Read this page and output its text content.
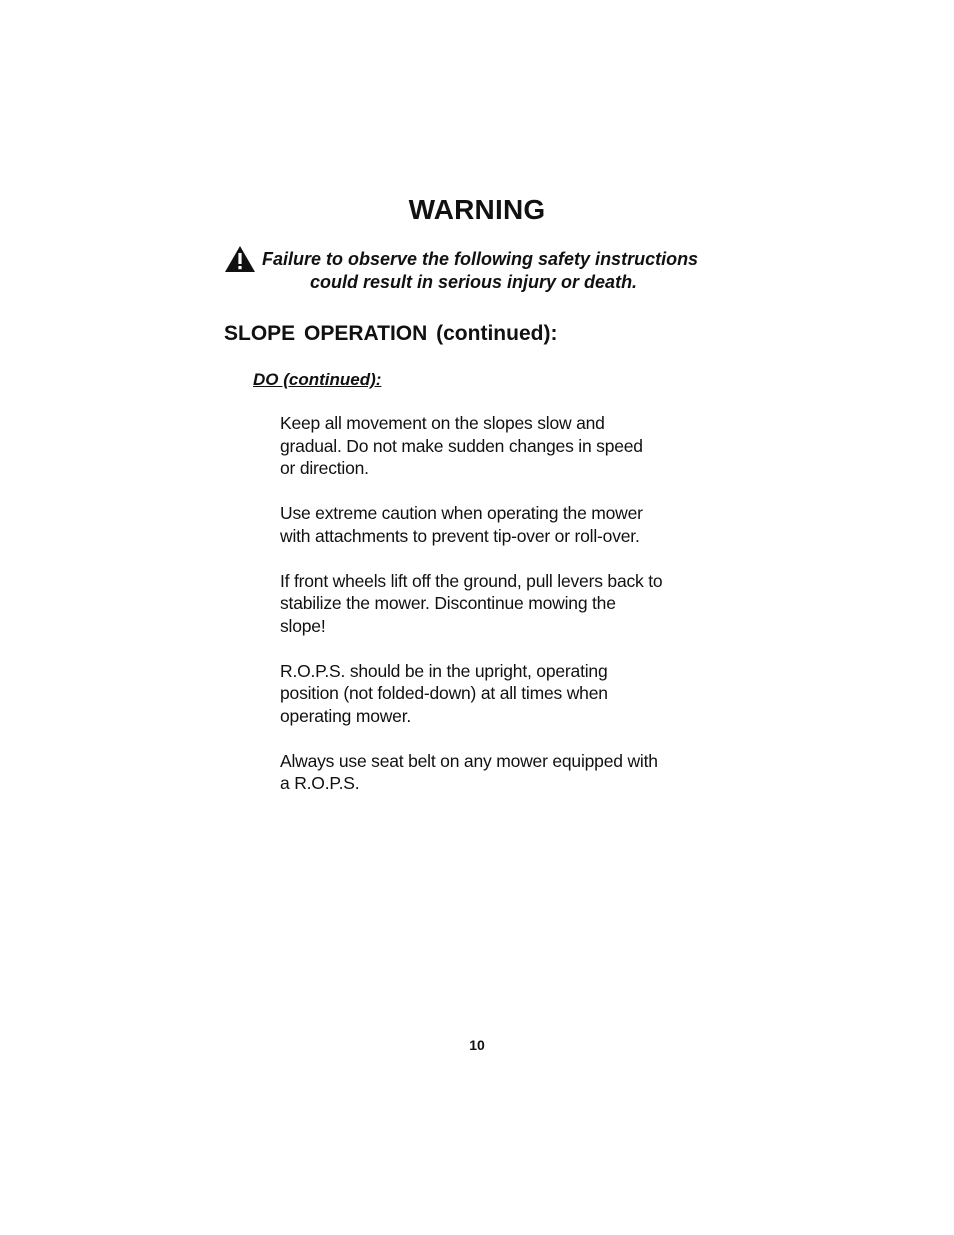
WARNING
Failure to observe the following safety instructions
could result in serious injury or death.
SLOPE OPERATION (continued):
DO (continued):
Keep all movement on the slopes slow and
gradual. Do not make sudden changes in speed
or direction.
Use extreme caution when operating the mower
with attachments to prevent tip-over or roll-over.
If front wheels lift off the ground, pull levers back to
stabilize the mower. Discontinue mowing the
slope!
R.O.P.S. should be in the upright, operating
position (not folded-down) at all times when
operating mower.
Always use seat belt on any mower equipped with
a R.O.P.S.
10
